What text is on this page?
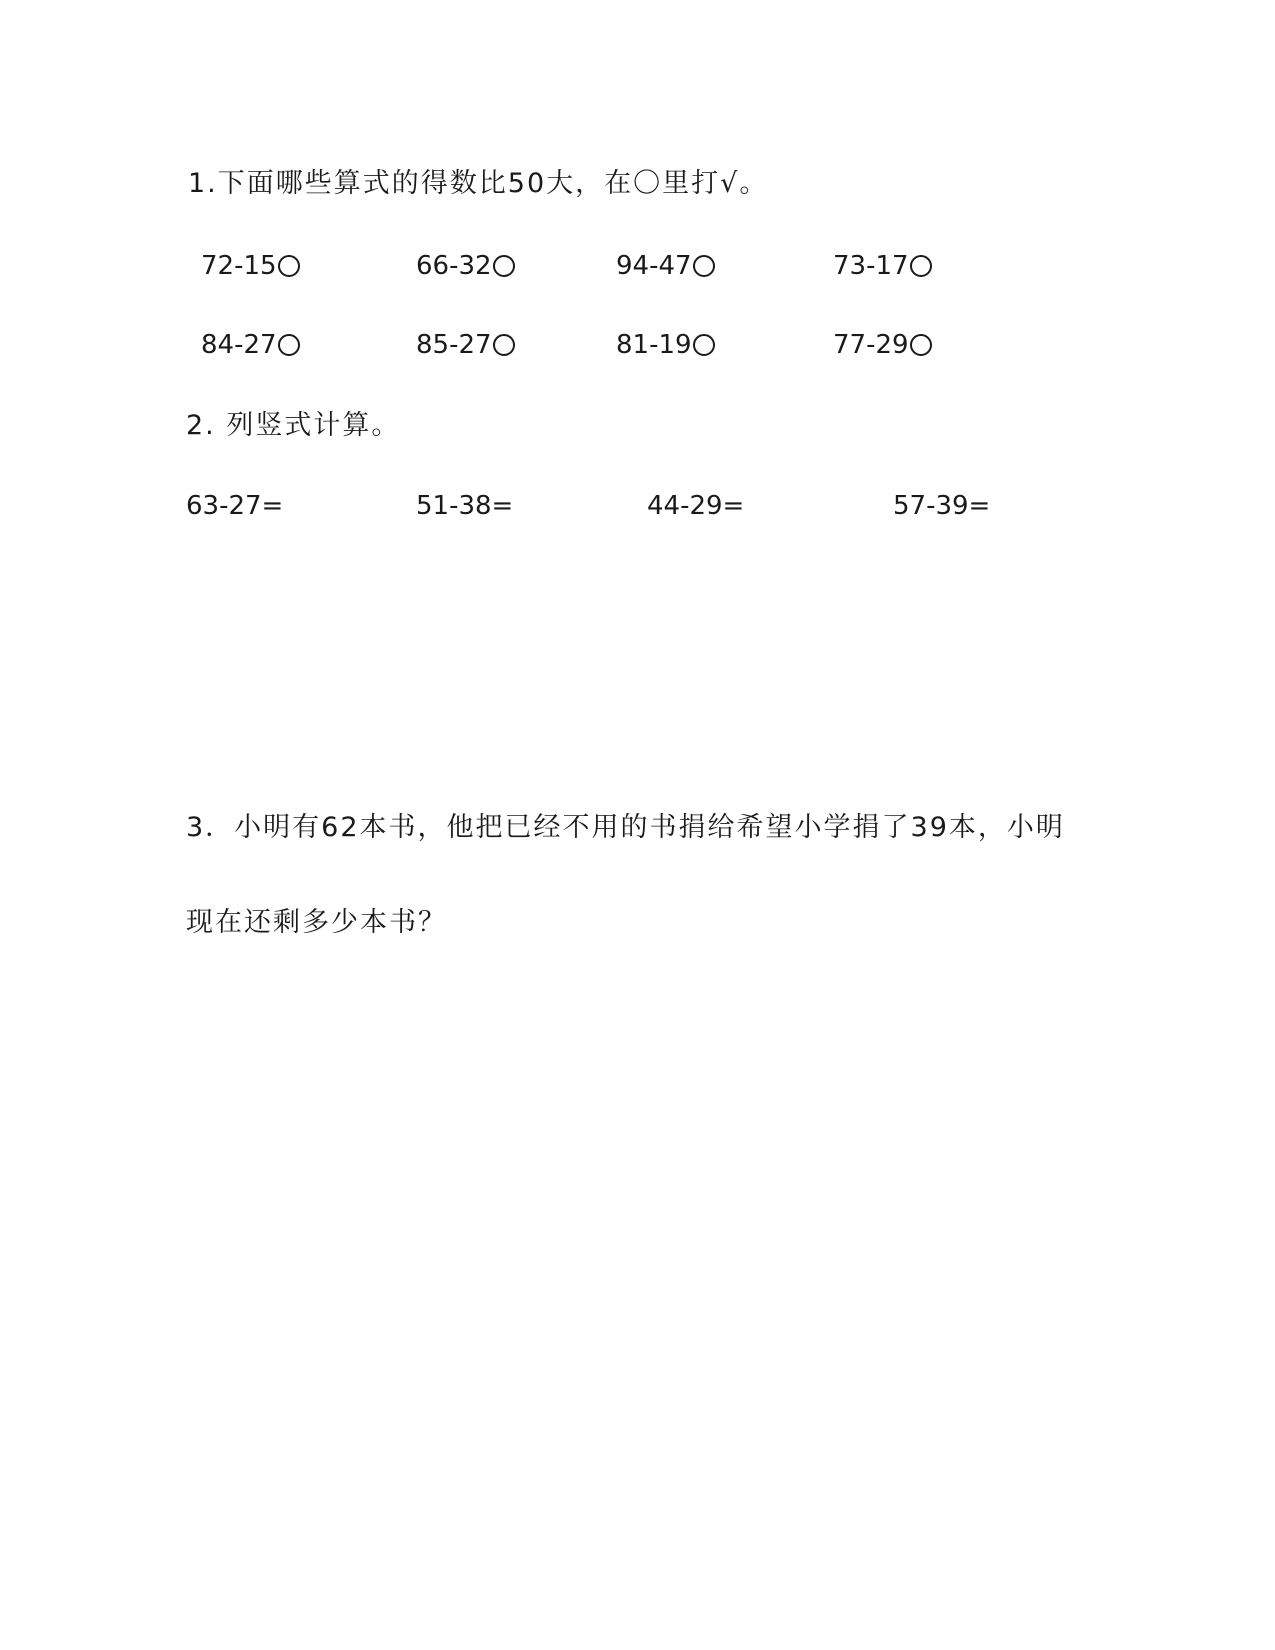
1.下面哪些算式的得数比50大，在〇里打√。
72-15	66-32	94-47	73-17
84-27	85-27	81-19	77-29
2. 列竖式计算。
63-27=	51-38=	44-29=	57-39=
3．小明有62本书，他把已经不用的书捐给希望小学捐了39本，小明
现在还剩多少本书？
